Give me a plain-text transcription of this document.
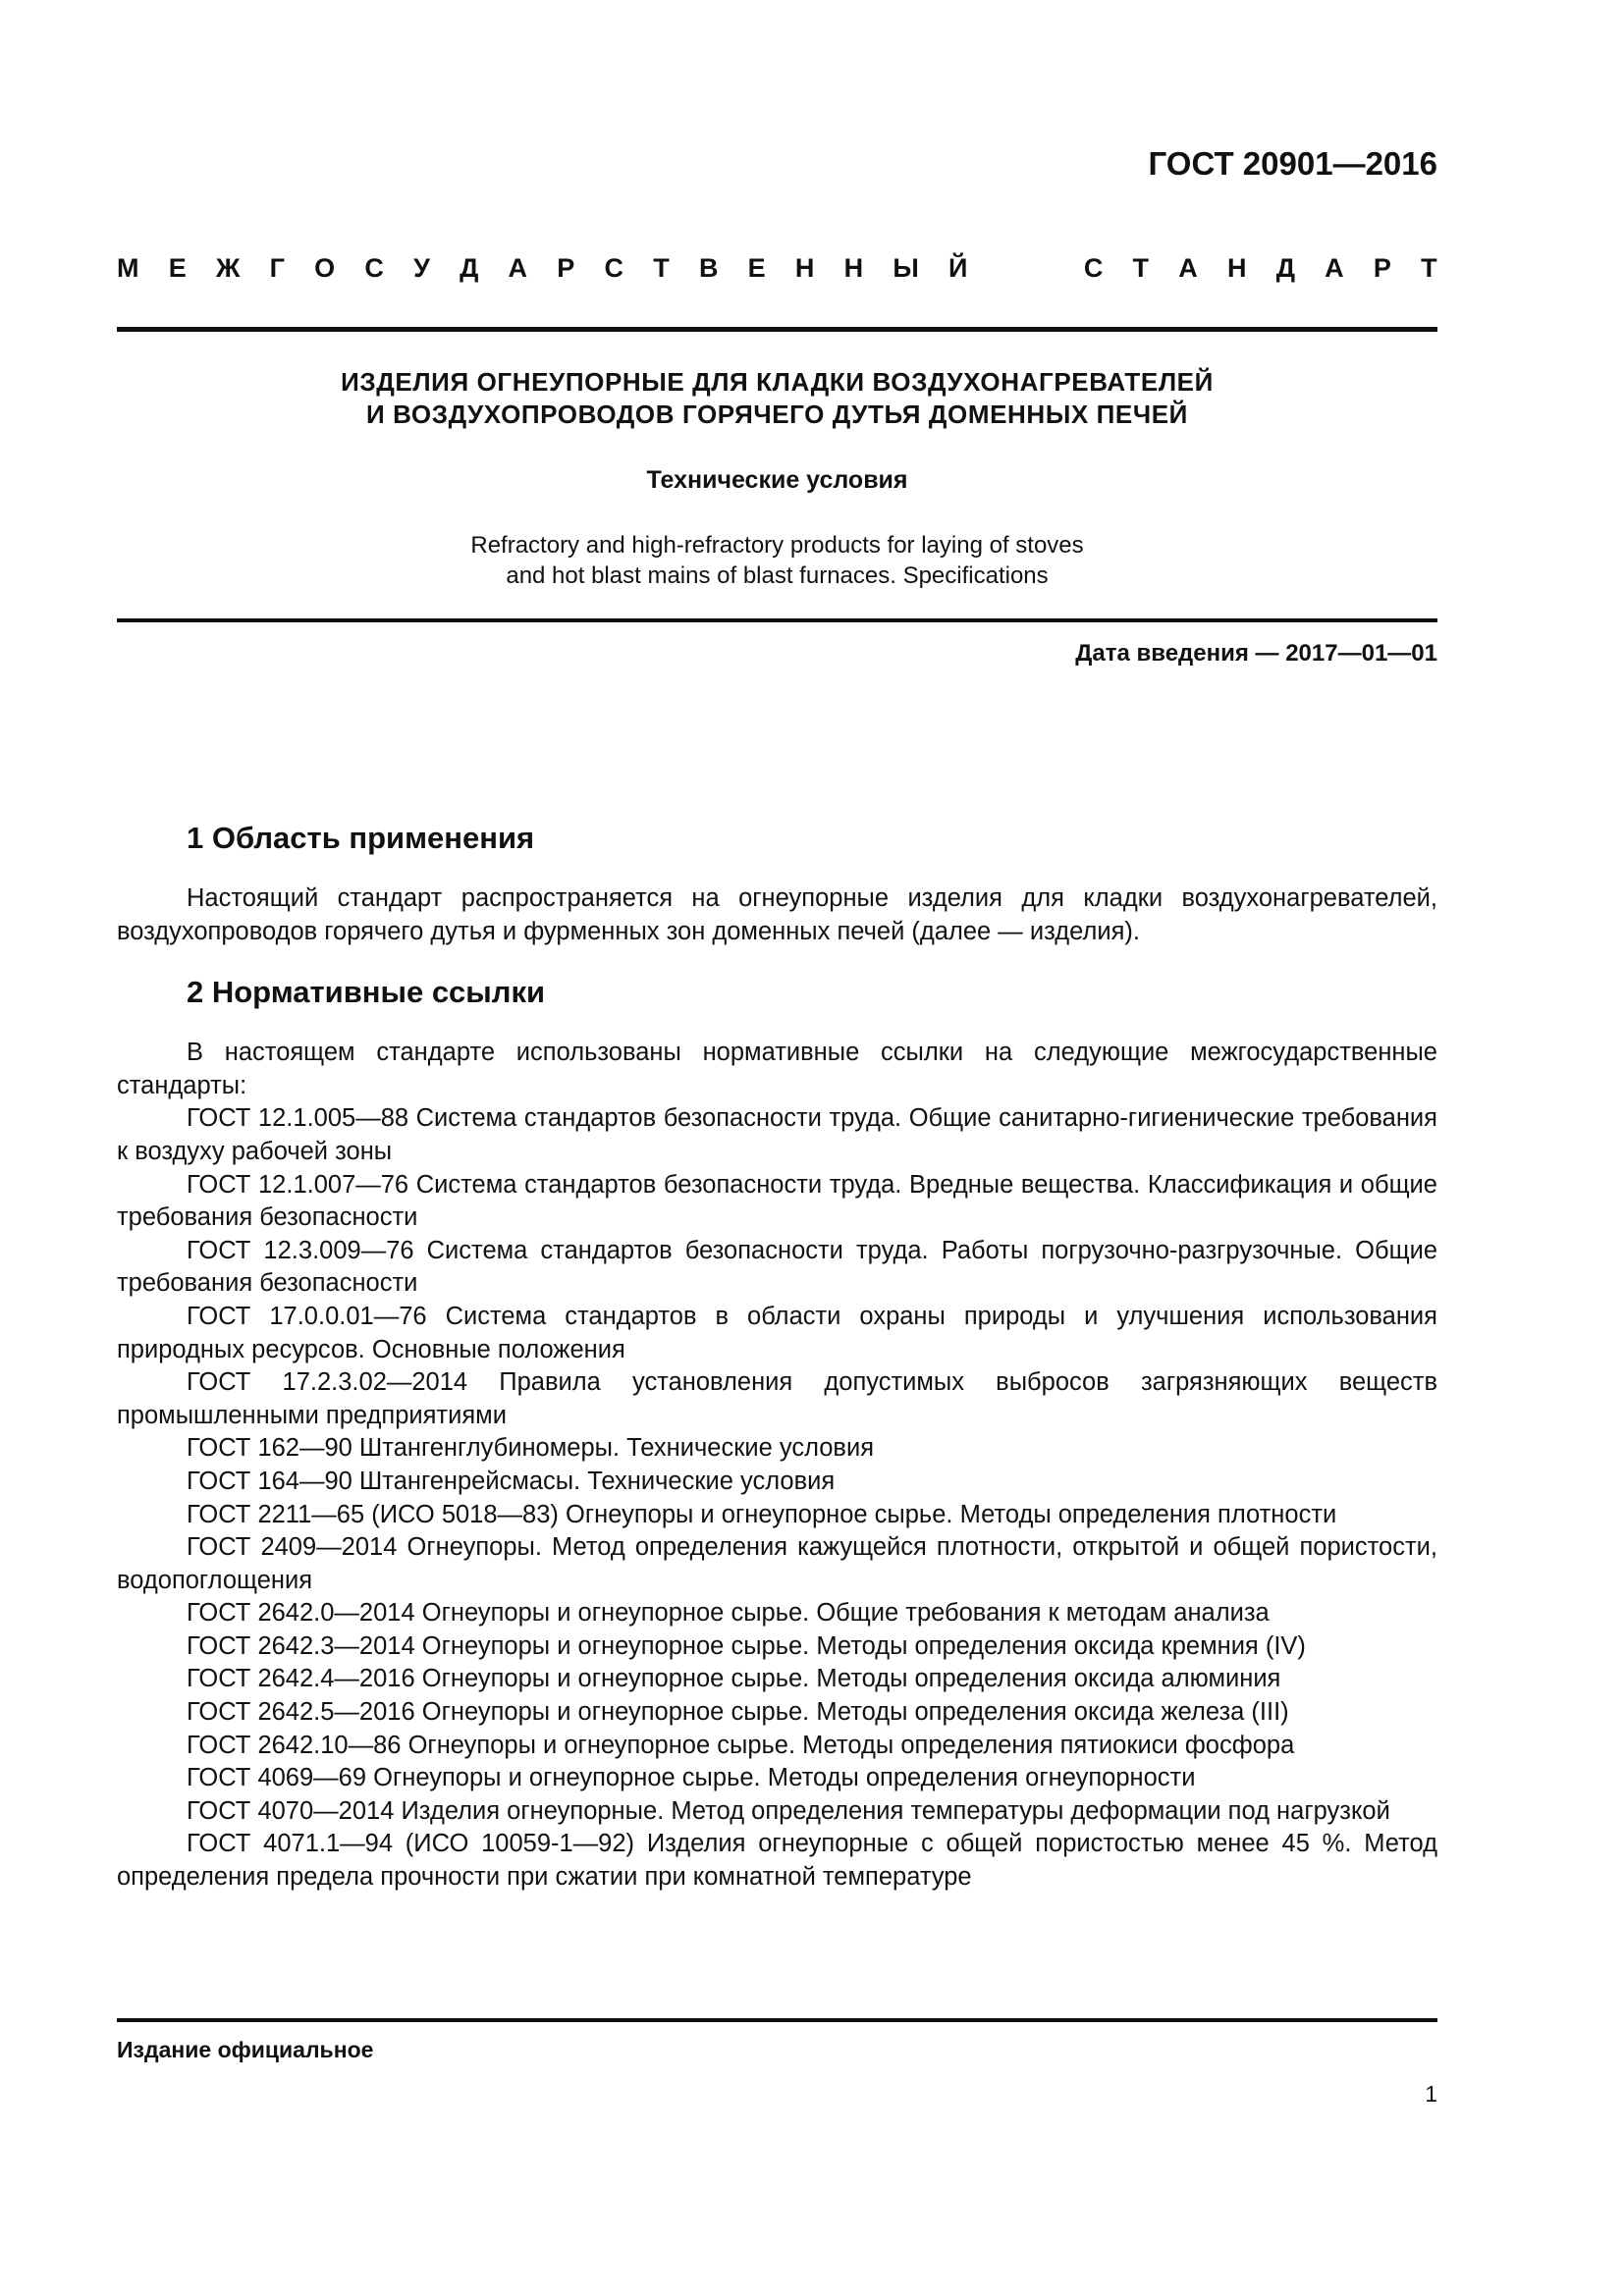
ГОСТ 20901—2016
М Е Ж Г О С У Д А Р С Т В Е Н Н Ы Й	С Т А Н Д А Р Т
ИЗДЕЛИЯ ОГНЕУПОРНЫЕ ДЛЯ КЛАДКИ ВОЗДУХОНАГРЕВАТЕЛЕЙ
И ВОЗДУХОПРОВОДОВ ГОРЯЧЕГО ДУТЬЯ ДОМЕННЫХ ПЕЧЕЙ
Технические условия
Refractory and high-refractory products for laying of stoves
and hot blast mains of blast furnaces. Specifications
Дата введения — 2017—01—01
1 Область применения

Настоящий стандарт распространяется на огнеупорные изделия для кладки воздухонагревателей, воздухопроводов горячего дутья и фурменных зон доменных печей (далее — изделия).

2 Нормативные ссылки

В настоящем стандарте использованы нормативные ссылки на следующие межгосударственные стандарты:

ГОСТ 12.1.005—88 Система стандартов безопасности труда. Общие санитарно-гигиенические требования к воздуху рабочей зоны

ГОСТ 12.1.007—76 Система стандартов безопасности труда. Вредные вещества. Классификация и общие требования безопасности

ГОСТ 12.3.009—76 Система стандартов безопасности труда. Работы погрузочно-разгрузочные. Общие требования безопасности

ГОСТ 17.0.0.01—76 Система стандартов в области охраны природы и улучшения использования природных ресурсов. Основные положения

ГОСТ 17.2.3.02—2014 Правила установления допустимых выбросов загрязняющих веществ промышленными предприятиями

ГОСТ 162—90 Штангенглубиномеры. Технические условия

ГОСТ 164—90 Штангенрейсмасы. Технические условия

ГОСТ 2211—65 (ИСО 5018—83) Огнеупоры и огнеупорное сырье. Методы определения плотности

ГОСТ 2409—2014 Огнеупоры. Метод определения кажущейся плотности, открытой и общей пористости, водопоглощения

ГОСТ 2642.0—2014 Огнеупоры и огнеупорное сырье. Общие требования к методам анализа

ГОСТ 2642.3—2014 Огнеупоры и огнеупорное сырье. Методы определения оксида кремния (IV)

ГОСТ 2642.4—2016 Огнеупоры и огнеупорное сырье. Методы определения оксида алюминия

ГОСТ 2642.5—2016 Огнеупоры и огнеупорное сырье. Методы определения оксида железа (III)

ГОСТ 2642.10—86 Огнеупоры и огнеупорное сырье. Методы определения пятиокиси фосфора

ГОСТ 4069—69 Огнеупоры и огнеупорное сырье. Методы определения огнеупорности

ГОСТ 4070—2014 Изделия огнеупорные. Метод определения температуры деформации под нагрузкой

ГОСТ 4071.1—94 (ИСО 10059-1—92) Изделия огнеупорные с общей пористостью менее 45 %. Метод определения предела прочности при сжатии при комнатной температуре

Издание официальное
1
